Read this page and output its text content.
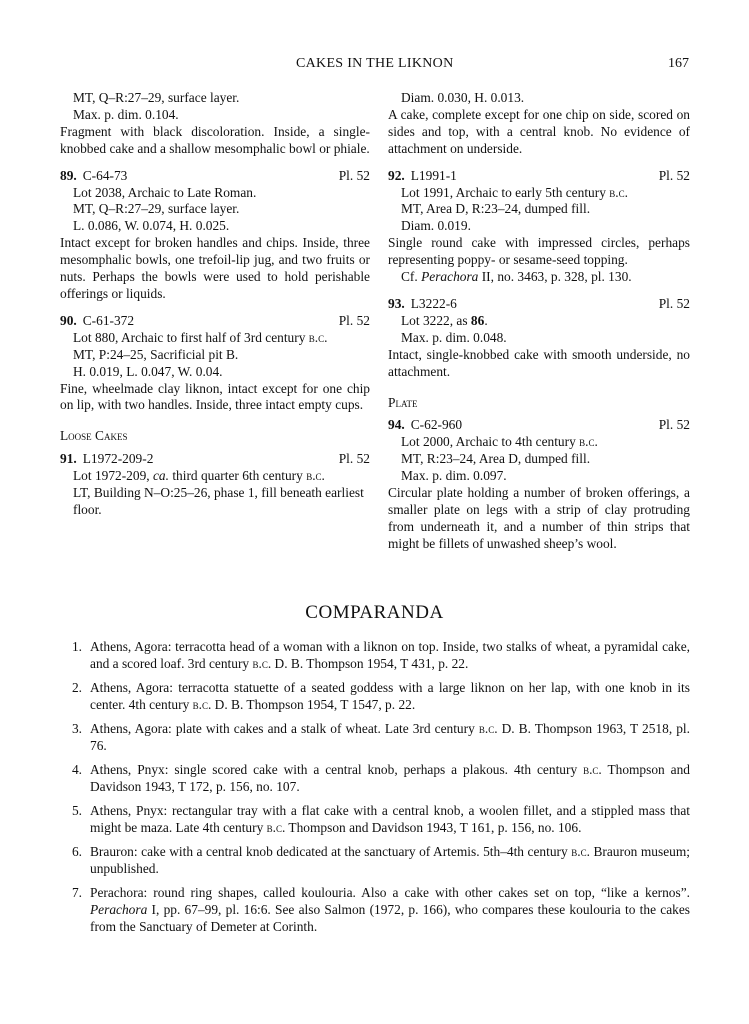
CAKES IN THE LIKNON	167
MT, Q–R:27–29, surface layer.
Max. p. dim. 0.104.

Fragment with black discoloration. Inside, a single-knobbed cake and a shallow mesomphalic bowl or phiale.

89. C-64-73	Pl. 52
Lot 2038, Archaic to Late Roman.
MT, Q–R:27–29, surface layer.
L. 0.086, W. 0.074, H. 0.025.

Intact except for broken handles and chips. Inside, three mesomphalic bowls, one trefoil-lip jug, and two fruits or nuts. Perhaps the bowls were used to hold perishable offerings or liquids.

90. C-61-372	Pl. 52
Lot 880, Archaic to first half of 3rd century b.c.
MT, P:24–25, Sacrificial pit B.
H. 0.019, L. 0.047, W. 0.04.

Fine, wheelmade clay liknon, intact except for one chip on lip, with two handles. Inside, three intact empty cups.

Loose Cakes
91. L1972-209-2	Pl. 52
Lot 1972-209, ca. third quarter 6th century b.c.
LT, Building N–O:25–26, phase 1, fill beneath earliest floor.
Diam. 0.030, H. 0.013.

A cake, complete except for one chip on side, scored on sides and top, with a central knob. No evidence of attachment on underside.

92. L1991-1	Pl. 52
Lot 1991, Archaic to early 5th century b.c.
MT, Area D, R:23–24, dumped fill.
Diam. 0.019.

Single round cake with impressed circles, perhaps representing poppy- or sesame-seed topping.

Cf. Perachora II, no. 3463, p. 328, pl. 130.
93. L3222-6	Pl. 52
Lot 3222, as 86.
Max. p. dim. 0.048.

Intact, single-knobbed cake with smooth underside, no attachment.

Plate
94. C-62-960	Pl. 52
Lot 2000, Archaic to 4th century b.c.
MT, R:23–24, Area D, dumped fill.
Max. p. dim. 0.097.

Circular plate holding a number of broken offerings, a smaller plate on legs with a strip of clay protruding from underneath it, and a number of thin strips that might be fillets of unwashed sheep’s wool.

COMPARANDA
1. Athens, Agora: terracotta head of a woman with a liknon on top. Inside, two stalks of wheat, a pyramidal cake, and a scored loaf. 3rd century b.c. D. B. Thompson 1954, T 431, p. 22.
2. Athens, Agora: terracotta statuette of a seated goddess with a large liknon on her lap, with one knob in its center. 4th century b.c. D. B. Thompson 1954, T 1547, p. 22.
3. Athens, Agora: plate with cakes and a stalk of wheat. Late 3rd century b.c. D. B. Thompson 1963, T 2518, pl. 76.
4. Athens, Pnyx: single scored cake with a central knob, perhaps a plakous. 4th century b.c. Thompson and Davidson 1943, T 172, p. 156, no. 107.
5. Athens, Pnyx: rectangular tray with a flat cake with a central knob, a woolen fillet, and a stippled mass that might be maza. Late 4th century b.c. Thompson and Davidson 1943, T 161, p. 156, no. 106.
6. Brauron: cake with a central knob dedicated at the sanctuary of Artemis. 5th–4th century b.c. Brauron museum; unpublished.
7. Perachora: round ring shapes, called koulouria. Also a cake with other cakes set on top, “like a kernos”. Perachora I, pp. 67–99, pl. 16:6. See also Salmon (1972, p. 166), who compares these koulouria to the cakes from the Sanctuary of Demeter at Corinth.
